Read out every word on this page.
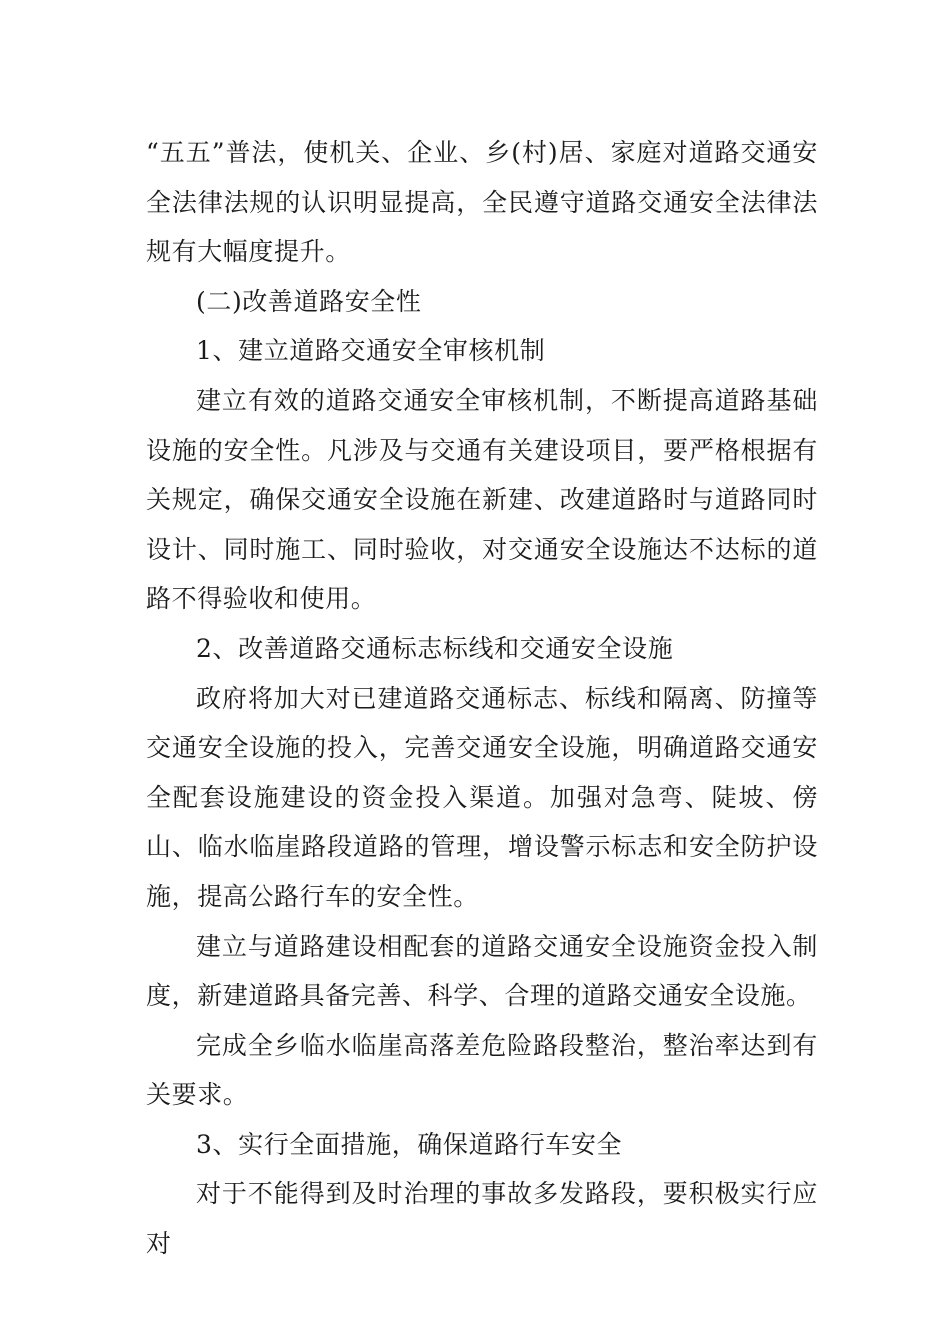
“五五”普法，使机关、企业、乡(村)居、家庭对道路交通安全法律法规的认识明显提高，全民遵守道路交通安全法律法规有大幅度提升。

(二)改善道路安全性

1、建立道路交通安全审核机制

建立有效的道路交通安全审核机制，不断提高道路基础设施的安全性。凡涉及与交通有关建设项目，要严格根据有关规定，确保交通安全设施在新建、改建道路时与道路同时设计、同时施工、同时验收，对交通安全设施达不达标的道路不得验收和使用。

2、改善道路交通标志标线和交通安全设施

政府将加大对已建道路交通标志、标线和隔离、防撞等交通安全设施的投入，完善交通安全设施，明确道路交通安全配套设施建设的资金投入渠道。加强对急弯、陡坡、傍山、临水临崖路段道路的管理，增设警示标志和安全防护设施，提高公路行车的安全性。

建立与道路建设相配套的道路交通安全设施资金投入制度，新建道路具备完善、科学、合理的道路交通安全设施。

完成全乡临水临崖高落差危险路段整治，整治率达到有关要求。

3、实行全面措施，确保道路行车安全

对于不能得到及时治理的事故多发路段，要积极实行应对
